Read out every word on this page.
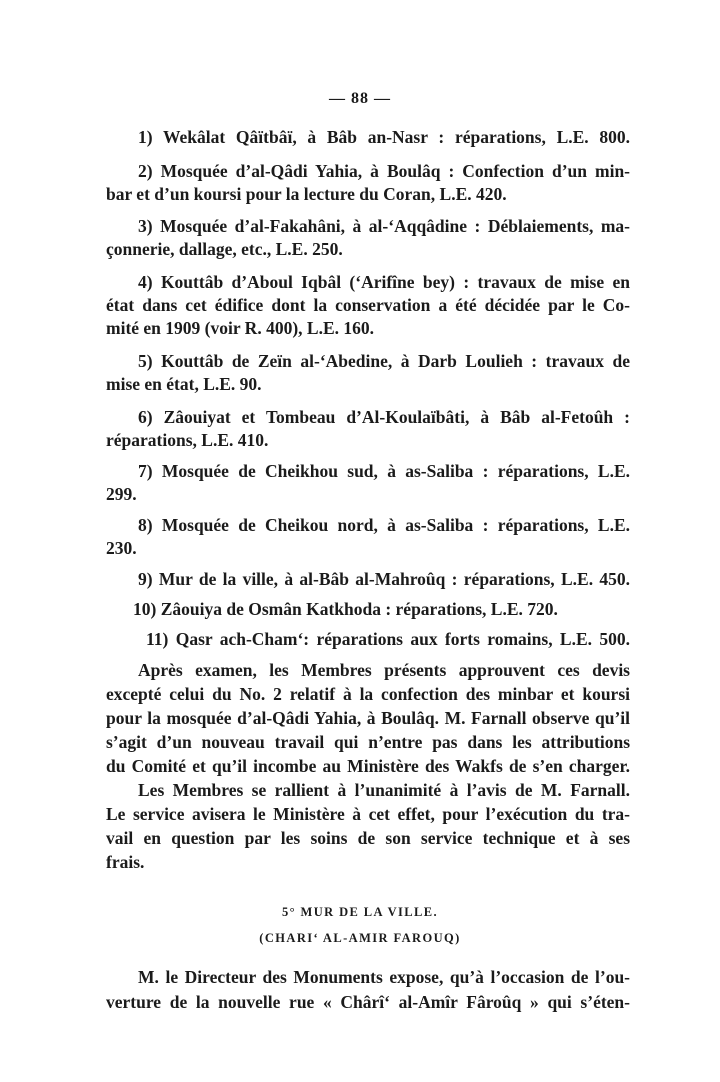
— 88 —
1) Wekâlat Qâïtbâï, à Bâb an-Nasr : réparations, L.E. 800.
2) Mosquée d’al-Qâdi Yahia, à Boulâq : Confection d’un min-
bar et d’un koursi pour la lecture du Coran, L.E. 420.
3) Mosquée d’al-Fakahâni, à al-‘Aqqâdine : Déblaiements, ma-
çonnerie, dallage, etc., L.E. 250.
4) Kouttâb d’Aboul Iqbâl (‘Arifîne bey) : travaux de mise en
état dans cet édifice dont la conservation a été décidée par le Co-
mité en 1909 (voir R. 400), L.E. 160.
5) Kouttâb de Zeïn al-‘Abedine, à Darb Loulieh : travaux de
mise en état, L.E. 90.
6) Zâouiyat et Tombeau d’Al-Koulaïbâti, à Bâb al-Fetoûh :
réparations, L.E. 410.
7) Mosquée de Cheikhou sud, à as-Saliba : réparations, L.E.
299.
8) Mosquée de Cheikou nord, à as-Saliba : réparations, L.E.
230.
9) Mur de la ville, à al-Bâb al-Mahroûq : réparations, L.E. 450.
10) Zâouiya de Osmân Katkhoda : réparations, L.E. 720.
11) Qasr ach-Cham‘: réparations aux forts romains, L.E. 500.
Après examen, les Membres présents approuvent ces devis
excepté celui du No. 2 relatif à la confection des minbar et koursi
pour la mosquée d’al-Qâdi Yahia, à Boulâq. M. Farnall observe qu’il
s’agit d’un nouveau travail qui n’entre pas dans les attributions
du Comité et qu’il incombe au Ministère des Wakfs de s’en charger.
Les Membres se rallient à l’unanimité à l’avis de M. Farnall.
Le service avisera le Ministère à cet effet, pour l’exécution du tra-
vail en question par les soins de son service technique et à ses
frais.
5° MUR DE LA VILLE.
(CHARI‘ AL-AMIR FAROUQ)
M. le Directeur des Monuments expose, qu’à l’occasion de l’ou-
verture de la nouvelle rue « Chârî‘ al-Amîr Fâroûq » qui s’éten-
